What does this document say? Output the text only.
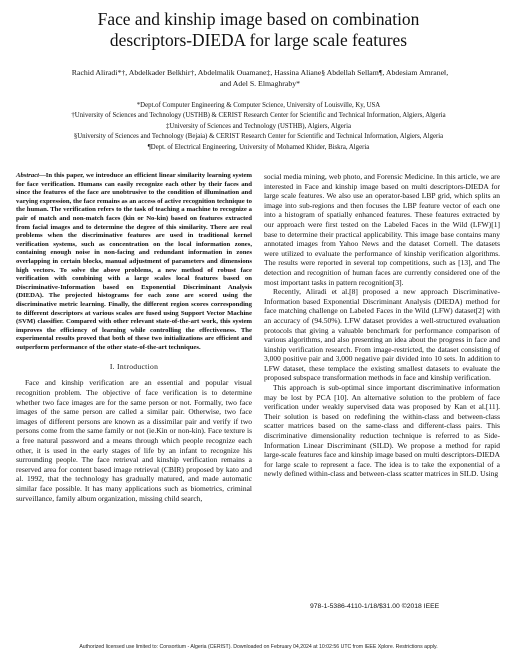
Face and kinship image based on combination
descriptors-DIEDA for large scale features
Rachid Aliradi*†, Abdelkader Belkhir†, Abdelmalik Ouamane‡, Hassina Aliane§ Abdellah Sellam¶, Abdesiam Amrane‖,
and Adel S. Elmaghraby*
*Dept.of Computer Engineering & Computer Science, University of Louisville, Ky, USA
†University of Sciences and Technology (USTHB) & CERIST Research Center for Scientific and Technical Information, Algiers, Algeria
‡University of Sciences and Technology (USTHB), Algiers, Algeria
§University of Sciences and Technology (Bejaia) & CERIST Research Center for Scientific and Technical Information, Algiers, Algeria
¶Dept. of Electrical Engineering, University of Mohamed Khider, Biskra, Algeria

Abstract—In this paper, we introduce an efficient linear similarity learning system for face verification. Humans can easily recognize each other by their faces and since the features of the face are unobtrusive to the condition of illumination and varying expression, the face remains as an access of active recognition technique to the human. The verification refers to the task of teaching a machine to recognize a pair of match and non-match faces (kin or No-kin) based on features extracted from facial images and to determine the degree of this similarity. There are real problems when the discriminative features are used in traditional kernel verification systems, such as concentration on the local information zones, containing enough noise in non-facing and redundant information in zones overlapping in certain blocks, manual adjustment of parameters and dimensions high vectors. To solve the above problems, a new method of robust face verification with combining with a large scales local features based on Discriminative-Information based on Exponential Discriminant Analysis (DIEDA). The projected histograms for each zone are scored using the discriminative metric learning. Finally, the different region scores corresponding to different descriptors at various scales are fused using Support Vector Machine (SVM) classifier. Compared with other relevant state-of-the-art work, this system improves the efficiency of learning while controlling the effectiveness. The experimental results proved that both of these two initializations are efficient and outperform performance of the other state-of-the-art techniques.

I. Introduction

Face and kinship verification are an essential and popular visual recognition problem. The objective of face verification is to determine whether two face images are for the same person or not. Formally, two face images of the same person are called a similar pair. Otherwise, two face images of different persons are known as a dissimilar pair and verify if two persons come from the same family or not (ie.Kin or non-kin). Face texture is a free natural password and a means through which people recognize each other, it is used in the early stages of life by an infant to recognize his surrounding people. The face retrieval and kinship verification remains a reserved area for content based image retrieval (CBIR) proposed by kato and al. 1992, that the technology has gradually matured, and made automatic similar face possible. It has many applications such as biometrics, criminal surveillance, family album organization, missing child search,

social media mining, web photo, and Forensic Medicine. In this article, we are interested in Face and kinship image based on multi descriptors-DIEDA for large scale features. We also use an operator-based LBP grid, which splits an image into sub-regions and then focuses the LBP feature vector of each one into a histogram of spatially enhanced features. These features extracted by our approach were first tested on the Labeled Faces in the Wild (LFW)[1] base to determine their practical applicability. This image base contains many annotated images from Yahoo News and the dataset Cornell. The datasets were utilized to evaluate the performance of kinship verification algorithms. The results were reported in several top competitions, such as [13], and The detection and recognition of human faces are currently considered one of the most important tasks in pattern recognition[3].

Recently, Aliradi et al.[8] proposed a new approach Discriminative-Information based Exponential Discriminant Analysis (DIEDA) method for face matching challenge on Labeled Faces in the Wild (LFW) dataset[2] with an accuracy of (94.50%). LFW dataset provides a well-structured evaluation protocols that giving a valuable benchmark for performance comparison of various algorithms, and also presenting an idea about the progress in face and kinship verification research. From image-restricted, the dataset consisting of 3,000 positive pair and 3,000 negative pair divided into 10 sets. In addition to LFW dataset, these templace the existing smallest datasets to evaluate the proposed subspace transformation methods in face and kinship verification.

This approach is sub-optimal since important discriminative information may be lost by PCA [10]. An alternative solution to the problem of face verification under weakly supervised data was proposed by Kan et al.[11]. Their solution is based on redefining the within-class and between-class scatter matrices based on the same-class and different-class pairs. This discriminative dimensionality reduction technique is referred to as Side-Information Linear Discriminant (SILD). We propose a method for rapid large-scale features face and kinship image based on multi descriptors-DIEDA for large scale to represent a face. The idea is to take the exponential of a newly defined within-class and between-class scatter matrices in SILD. Using

978-1-5386-4110-1/18/$31.00 ©2018 IEEE
Authorized licensed use limited to: Consortium - Algeria (CERIST). Downloaded on February 04,2024 at 10:02:56 UTC from IEEE Xplore. Restrictions apply.
